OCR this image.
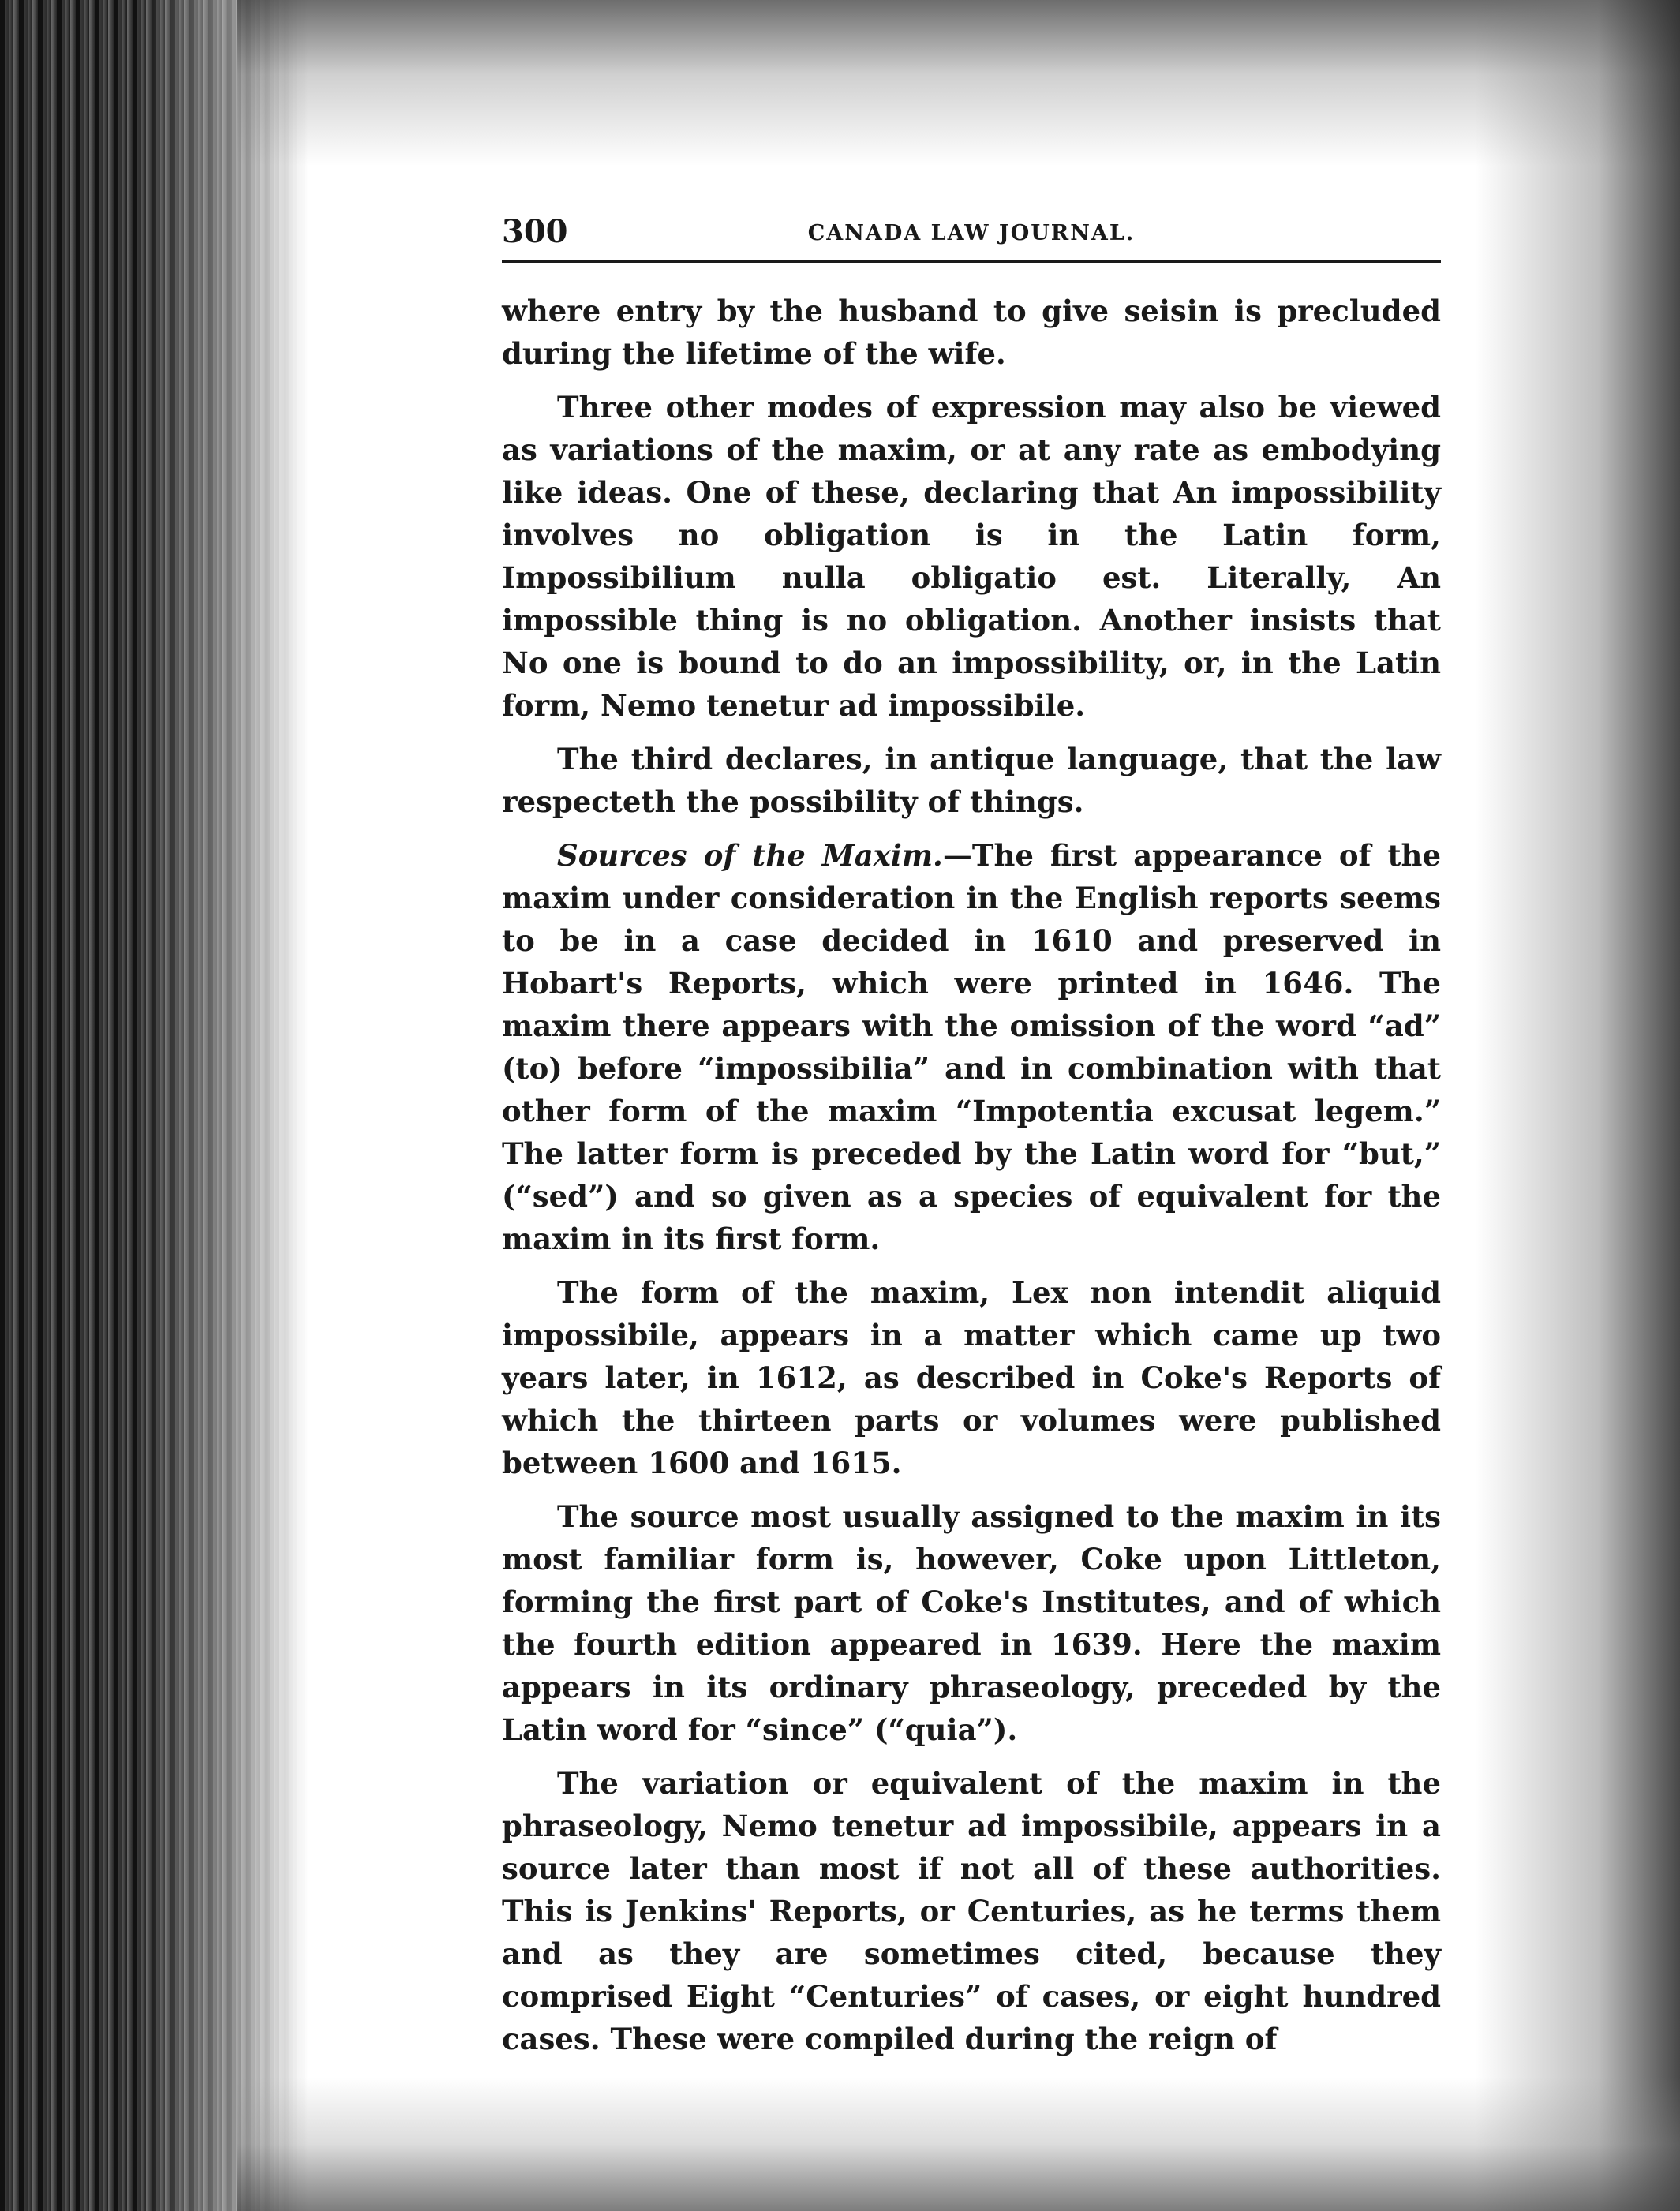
300	CANADA LAW JOURNAL.

where entry by the husband to give seisin is precluded during the lifetime of the wife.

Three other modes of expression may also be viewed as variations of the maxim, or at any rate as embodying like ideas. One of these, declaring that An impossibility involves no obligation is in the Latin form, Impossibilium nulla obligatio est. Literally, An impossible thing is no obligation. Another insists that No one is bound to do an impossibility, or, in the Latin form, Nemo tenetur ad impossibile.

The third declares, in antique language, that the law respecteth the possibility of things.

Sources of the Maxim.—The first appearance of the maxim under consideration in the English reports seems to be in a case decided in 1610 and preserved in Hobart's Reports, which were printed in 1646. The maxim there appears with the omission of the word “ad” (to) before “impossibilia” and in combination with that other form of the maxim “Impotentia excusat legem.” The latter form is preceded by the Latin word for “but,” (“sed”) and so given as a species of equivalent for the maxim in its first form.

The form of the maxim, Lex non intendit aliquid impossibile, appears in a matter which came up two years later, in 1612, as described in Coke's Reports of which the thirteen parts or volumes were published between 1600 and 1615.

The source most usually assigned to the maxim in its most familiar form is, however, Coke upon Littleton, forming the first part of Coke's Institutes, and of which the fourth edition appeared in 1639. Here the maxim appears in its ordinary phraseology, preceded by the Latin word for “since” (“quia”).

The variation or equivalent of the maxim in the phraseology, Nemo tenetur ad impossibile, appears in a source later than most if not all of these authorities. This is Jenkins' Reports, or Centuries, as he terms them and as they are sometimes cited, because they comprised Eight “Centuries” of cases, or eight hundred cases. These were compiled during the reign of
